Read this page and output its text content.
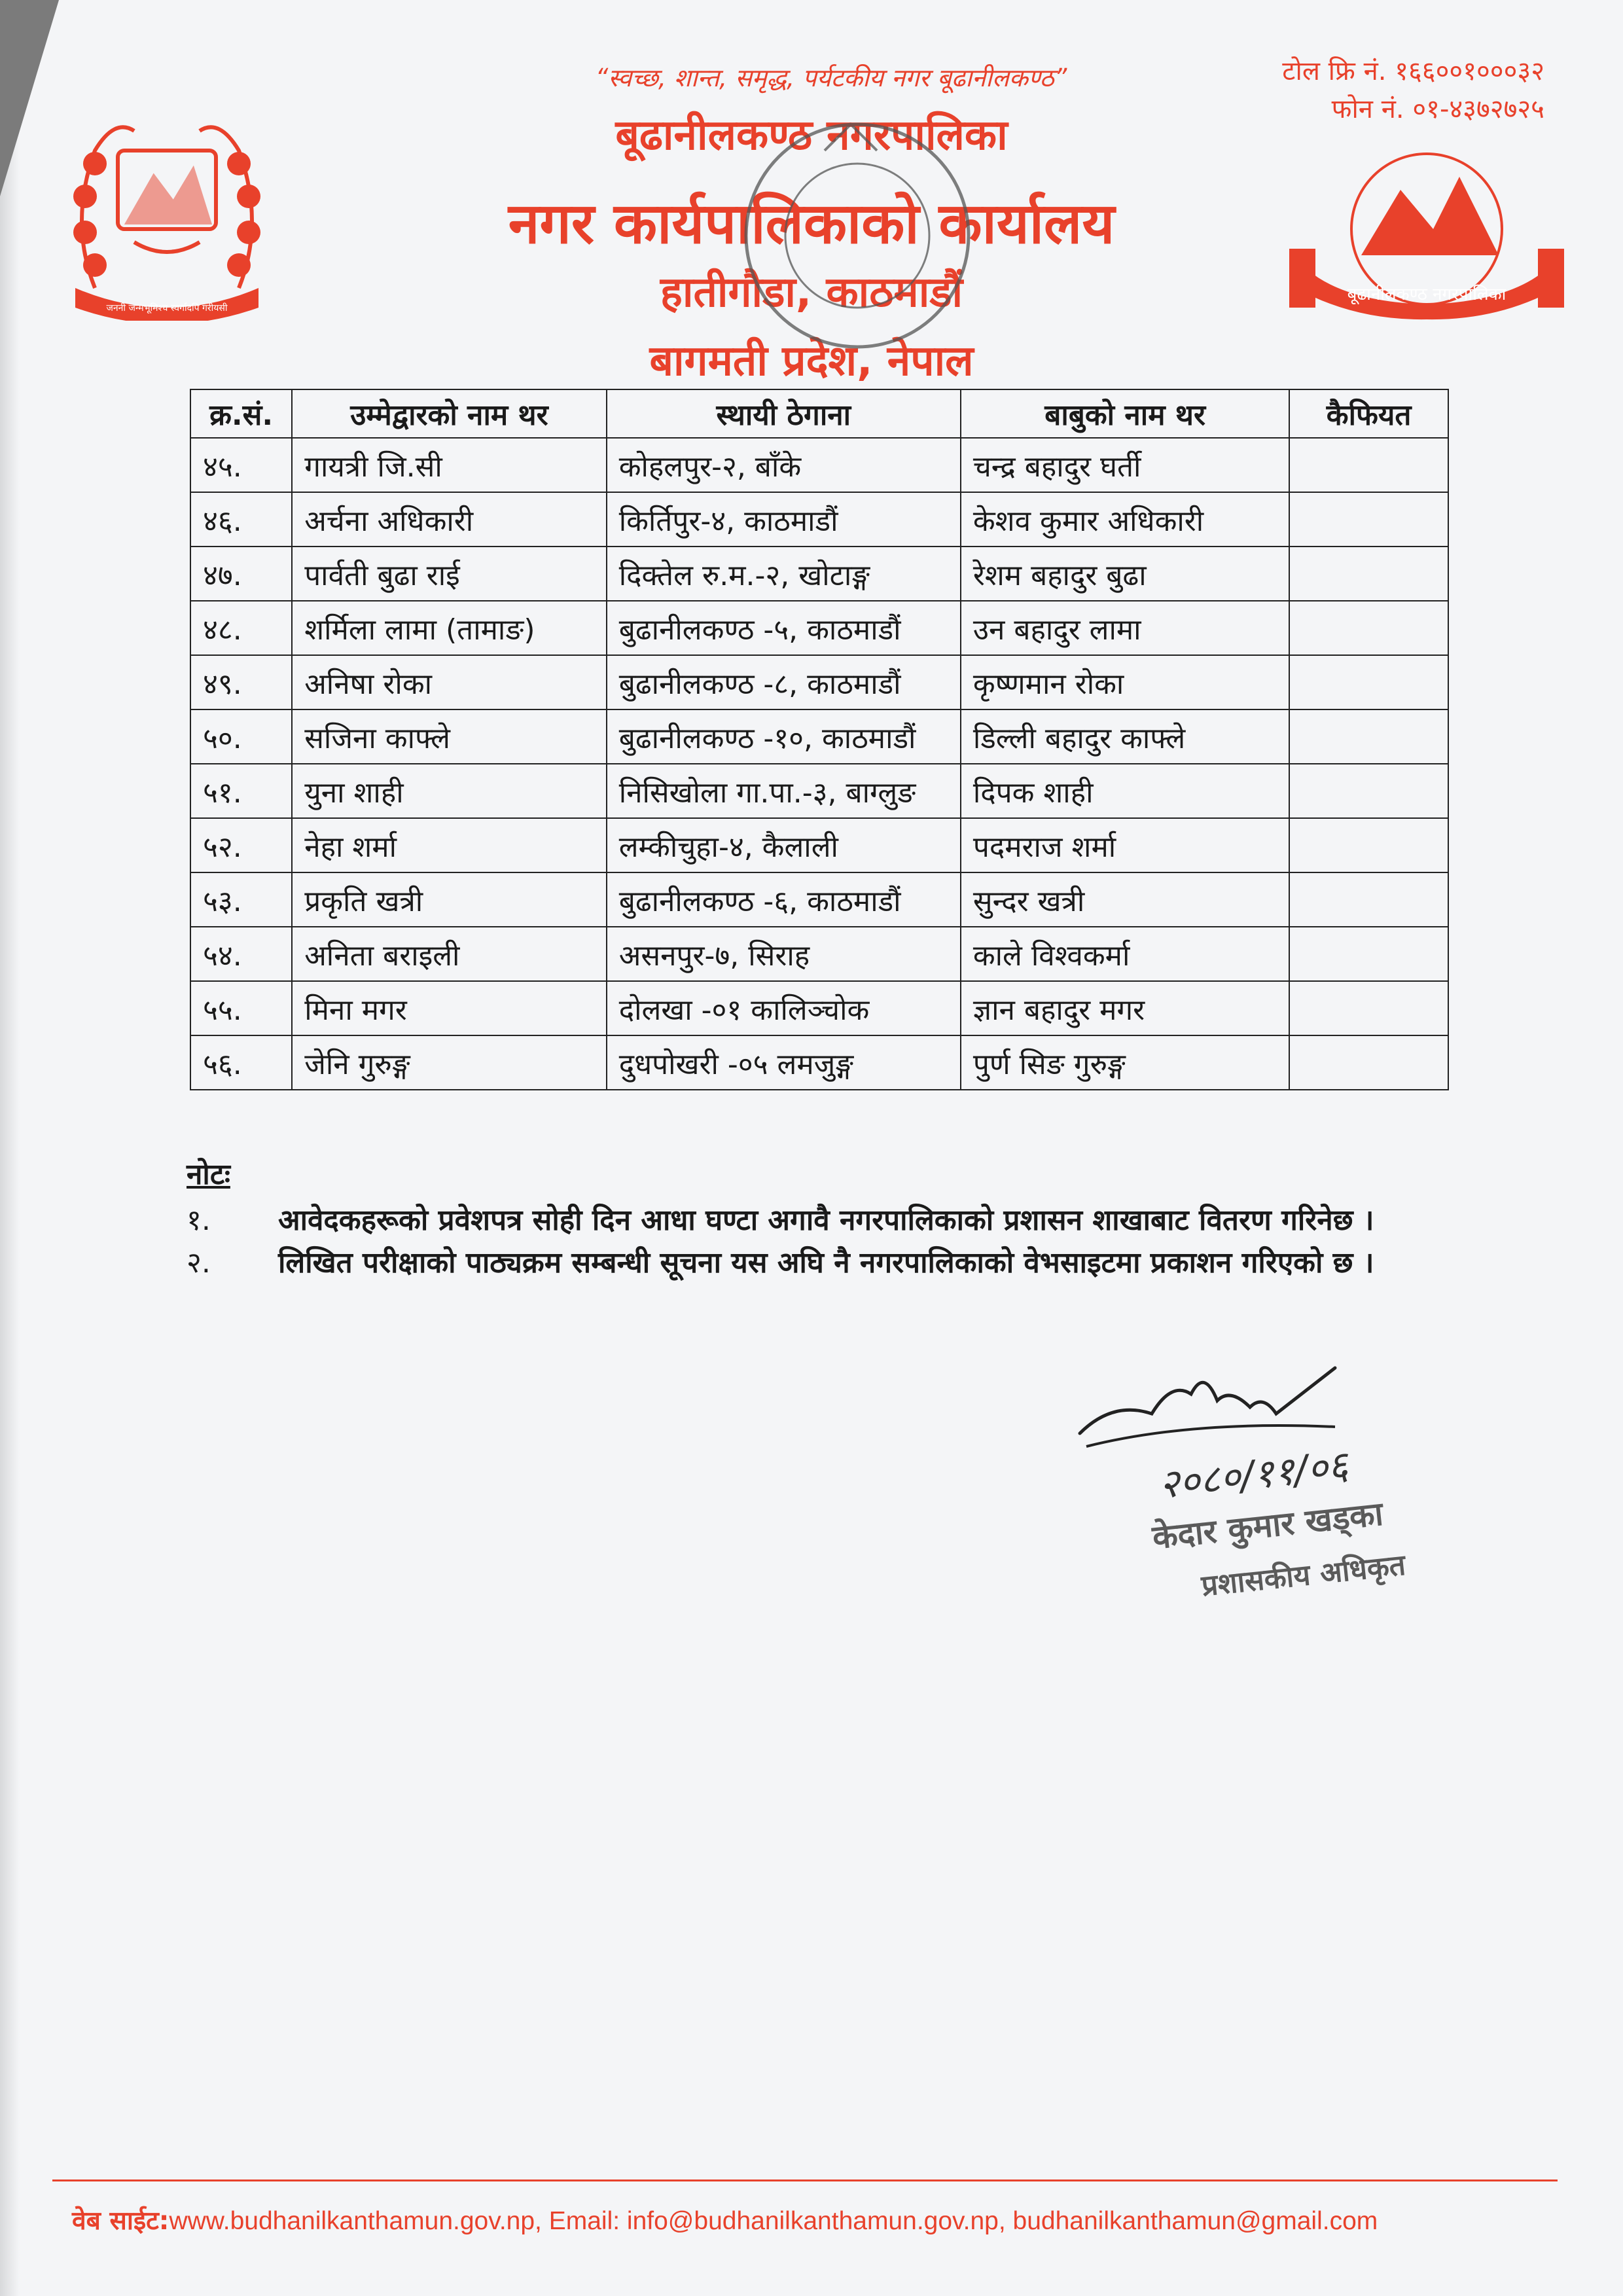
जननी जन्मभूमिश्च स्वर्गादपि गरीयसी
“स्वच्छ, शान्त, समृद्ध, पर्यटकीय नगर बूढानीलकण्ठ”	टोल फ्रि नं. १६६००१०००३२
फोन नं. ०१-४३७२७२५
बूढानीलकण्ठ नगरपालिका
नगर कार्यपालिकाको कार्यालय
हातीगौडा, काठमाडौं
बागमती प्रदेश, नेपाल
बूढानीलकण्ठ नगरपालिका
क्र.सं.	उम्मेद्वारको नाम थर	स्थायी ठेगाना	बाबुको नाम थर	कैफियत
४५.	गायत्री जि.सी	कोहलपुर-२, बाँके	चन्द्र बहादुर घर्ती	
४६.	अर्चना अधिकारी	किर्तिपुर-४, काठमाडौं	केशव कुमार अधिकारी	
४७.	पार्वती बुढा राई	दिक्तेल रु.म.-२, खोटाङ्ग	रेशम बहादुर बुढा	
४८.	शर्मिला लामा (तामाङ)	बुढानीलकण्ठ -५, काठमाडौं	उन बहादुर लामा	
४९.	अनिषा रोका	बुढानीलकण्ठ -८, काठमाडौं	कृष्णमान रोका	
५०.	सजिना काफ्ले	बुढानीलकण्ठ -१०, काठमाडौं	डिल्ली बहादुर काफ्ले	
५१.	युना शाही	निसिखोला गा.पा.-३, बाग्लुङ	दिपक शाही	
५२.	नेहा शर्मा	लम्कीचुहा-४, कैलाली	पदमराज शर्मा	
५३.	प्रकृति खत्री	बुढानीलकण्ठ -६, काठमाडौं	सुन्दर खत्री	
५४.	अनिता बराइली	असनपुर-७, सिराह	काले विश्वकर्मा	
५५.	मिना मगर	दोलखा -०१ कालिञ्चोक	ज्ञान बहादुर मगर	
५६.	जेनि गुरुङ्ग	दुधपोखरी -०५ लमजुङ्ग	पुर्ण सिङ गुरुङ्ग	
नोटः
१. आवेदकहरूको प्रवेशपत्र सोही दिन आधा घण्टा अगावै नगरपालिकाको प्रशासन शाखाबाट वितरण गरिनेछ ।
२. लिखित परीक्षाको पाठ्यक्रम सम्बन्धी सूचना यस अघि नै नगरपालिकाको वेभसाइटमा प्रकाशन गरिएको छ ।
२०८०/११/०६
केदार कुमार खड्का
प्रशासकीय अधिकृत
वेब साईट:www.budhanilkanthamun.gov.np, Email: info@budhanilkanthamun.gov.np, budhanilkanthamun@gmail.com
